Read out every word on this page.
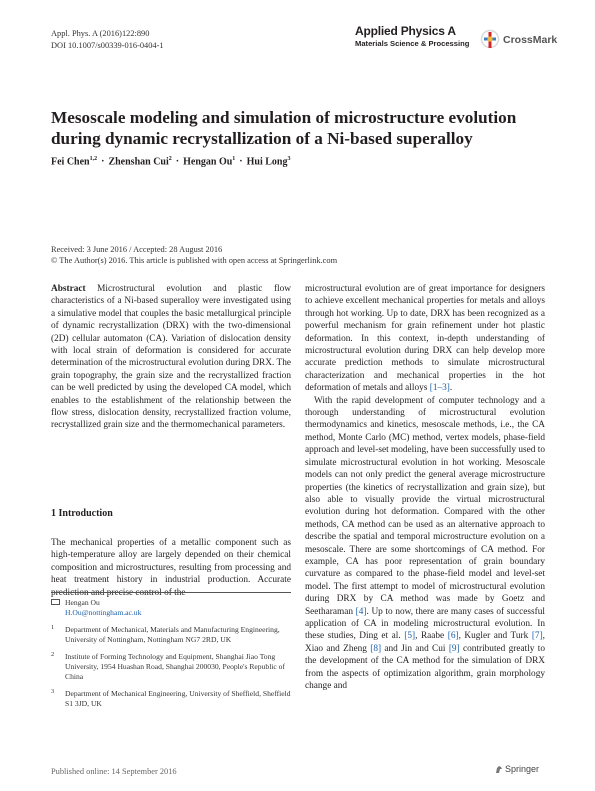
Appl. Phys. A (2016)122:890
DOI 10.1007/s00339-016-0404-1
Applied Physics A
Materials Science & Processing	CrossMark
Mesoscale modeling and simulation of microstructure evolution during dynamic recrystallization of a Ni-based superalloy
Fei Chen$^{1,2}$ · Zhenshan Cui$^2$ · Hengan $Ou^1$ · Hui Long$^3$
Received: 3 June 2016 / Accepted: 28 August 2016
© The Author(s) 2016. This article is published with open access at Springerlink.com

Abstract Microstructural evolution and plastic flow characteristics of a Ni-based superalloy were investigated using a simulative model that couples the basic metallurgical principle of dynamic recrystallization (DRX) with the two-dimensional (2D) cellular automaton (CA). Variation of dislocation density with local strain of deformation is considered for accurate determination of the microstructural evolution during DRX. The grain topography, the grain size and the recrystallized fraction can be well predicted by using the developed CA model, which enables to the establishment of the relationship between the flow stress, dislocation density, recrystallized fraction volume, recrystallized grain size and the thermomechanical parameters.

1 Introduction

The mechanical properties of a metallic component such as high-temperature alloy are largely depended on their chemical composition and microstructures, resulting from processing and heat treatment history in industrial production. Accurate prediction and precise control of the

Hengan Ou
H.Ou@nottingham.ac.uk
1 Department of Mechanical, Materials and Manufacturing Engineering, University of Nottingham, Nottingham NG7 2RD, UK
2 Institute of Forming Technology and Equipment, Shanghai Jiao Tong University, 1954 Huashan Road, Shanghai 200030, People's Republic of China
3 Department of Mechanical Engineering, University of Sheffield, Sheffield S1 3JD, UK

microstructural evolution are of great importance for designers to achieve excellent mechanical properties for metals and alloys through hot working. Up to date, DRX has been recognized as a powerful mechanism for grain refinement under hot plastic deformation. In this context, in-depth understanding of microstructural evolution during DRX can help develop more accurate prediction methods to simulate microstructural characterization and mechanical properties in the hot deformation of metals and alloys [1–3].

With the rapid development of computer technology and a thorough understanding of microstructural evolution thermodynamics and kinetics, mesoscale methods, i.e., the CA method, Monte Carlo (MC) method, vertex models, phase-field approach and level-set modeling, have been successfully used to simulate microstructural evolution in hot working. Mesoscale models can not only predict the general average microstructure properties (the kinetics of recrystallization and grain size), but also able to visually provide the virtual microstructural evolution during hot deformation. Compared with the other methods, CA method can be used as an alternative approach to describe the spatial and temporal microstructure evolution on a mesoscale. There are some shortcomings of CA method. For example, CA has poor representation of grain boundary curvature as compared to the phase-field model and level-set model. The first attempt to model of microstructural evolution during DRX by CA method was made by Goetz and Seetharaman [4]. Up to now, there are many cases of successful application of CA in modeling microstructural evolution. In these studies, Ding et al. [5], Raabe [6], Kugler and Turk [7], Xiao and Zheng [8] and Jin and Cui [9] contributed greatly to the development of the CA method for the simulation of DRX from the aspects of optimization algorithm, grain morphology change and

Published online: 14 September 2016	Springer
